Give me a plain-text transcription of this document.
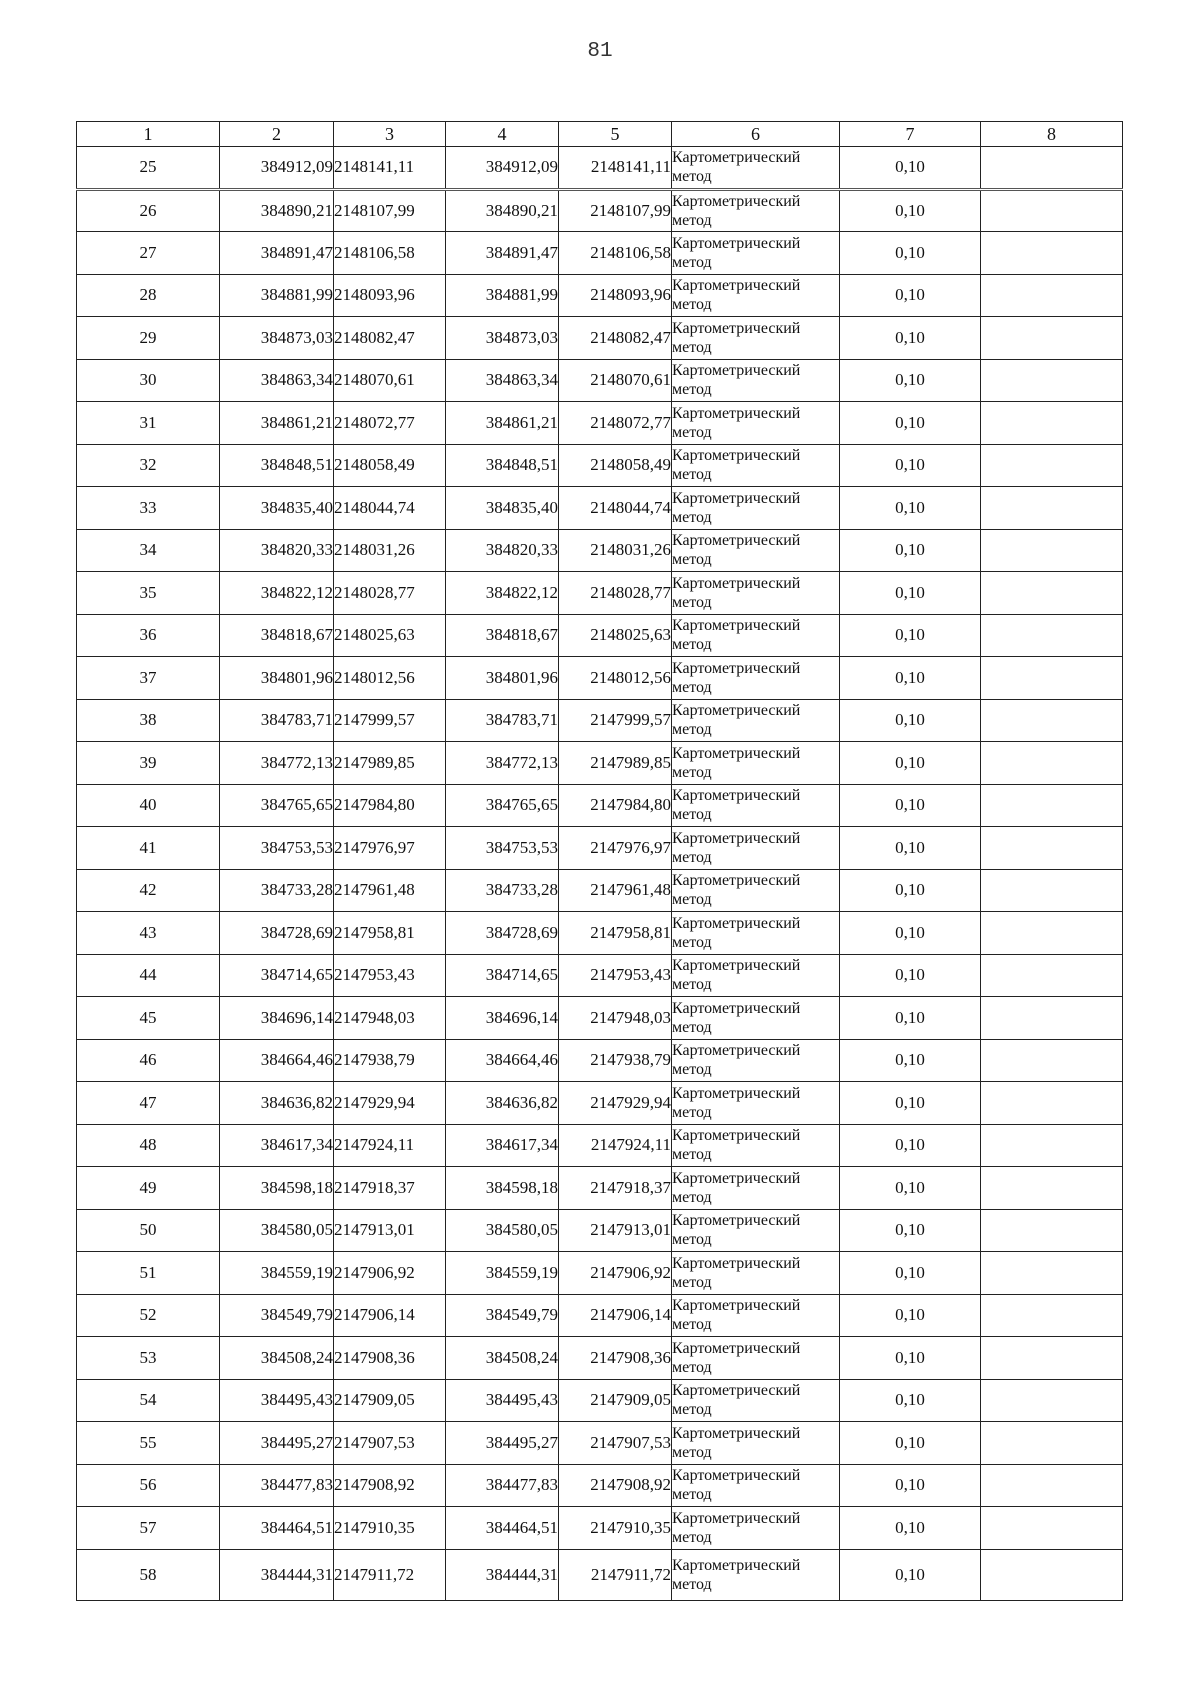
81
1	2	3	4	5	6	7	8
25	384912,09	2148141,11	384912,09	2148141,11	Картометрический метод	0,10	
26	384890,21	2148107,99	384890,21	2148107,99	Картометрический метод	0,10	
27	384891,47	2148106,58	384891,47	2148106,58	Картометрический метод	0,10	
28	384881,99	2148093,96	384881,99	2148093,96	Картометрический метод	0,10	
29	384873,03	2148082,47	384873,03	2148082,47	Картометрический метод	0,10	
30	384863,34	2148070,61	384863,34	2148070,61	Картометрический метод	0,10	
31	384861,21	2148072,77	384861,21	2148072,77	Картометрический метод	0,10	
32	384848,51	2148058,49	384848,51	2148058,49	Картометрический метод	0,10	
33	384835,40	2148044,74	384835,40	2148044,74	Картометрический метод	0,10	
34	384820,33	2148031,26	384820,33	2148031,26	Картометрический метод	0,10	
35	384822,12	2148028,77	384822,12	2148028,77	Картометрический метод	0,10	
36	384818,67	2148025,63	384818,67	2148025,63	Картометрический метод	0,10	
37	384801,96	2148012,56	384801,96	2148012,56	Картометрический метод	0,10	
38	384783,71	2147999,57	384783,71	2147999,57	Картометрический метод	0,10	
39	384772,13	2147989,85	384772,13	2147989,85	Картометрический метод	0,10	
40	384765,65	2147984,80	384765,65	2147984,80	Картометрический метод	0,10	
41	384753,53	2147976,97	384753,53	2147976,97	Картометрический метод	0,10	
42	384733,28	2147961,48	384733,28	2147961,48	Картометрический метод	0,10	
43	384728,69	2147958,81	384728,69	2147958,81	Картометрический метод	0,10	
44	384714,65	2147953,43	384714,65	2147953,43	Картометрический метод	0,10	
45	384696,14	2147948,03	384696,14	2147948,03	Картометрический метод	0,10	
46	384664,46	2147938,79	384664,46	2147938,79	Картометрический метод	0,10	
47	384636,82	2147929,94	384636,82	2147929,94	Картометрический метод	0,10	
48	384617,34	2147924,11	384617,34	2147924,11	Картометрический метод	0,10	
49	384598,18	2147918,37	384598,18	2147918,37	Картометрический метод	0,10	
50	384580,05	2147913,01	384580,05	2147913,01	Картометрический метод	0,10	
51	384559,19	2147906,92	384559,19	2147906,92	Картометрический метод	0,10	
52	384549,79	2147906,14	384549,79	2147906,14	Картометрический метод	0,10	
53	384508,24	2147908,36	384508,24	2147908,36	Картометрический метод	0,10	
54	384495,43	2147909,05	384495,43	2147909,05	Картометрический метод	0,10	
55	384495,27	2147907,53	384495,27	2147907,53	Картометрический метод	0,10	
56	384477,83	2147908,92	384477,83	2147908,92	Картометрический метод	0,10	
57	384464,51	2147910,35	384464,51	2147910,35	Картометрический метод	0,10	
58	384444,31	2147911,72	384444,31	2147911,72	Картометрический метод	0,10	
